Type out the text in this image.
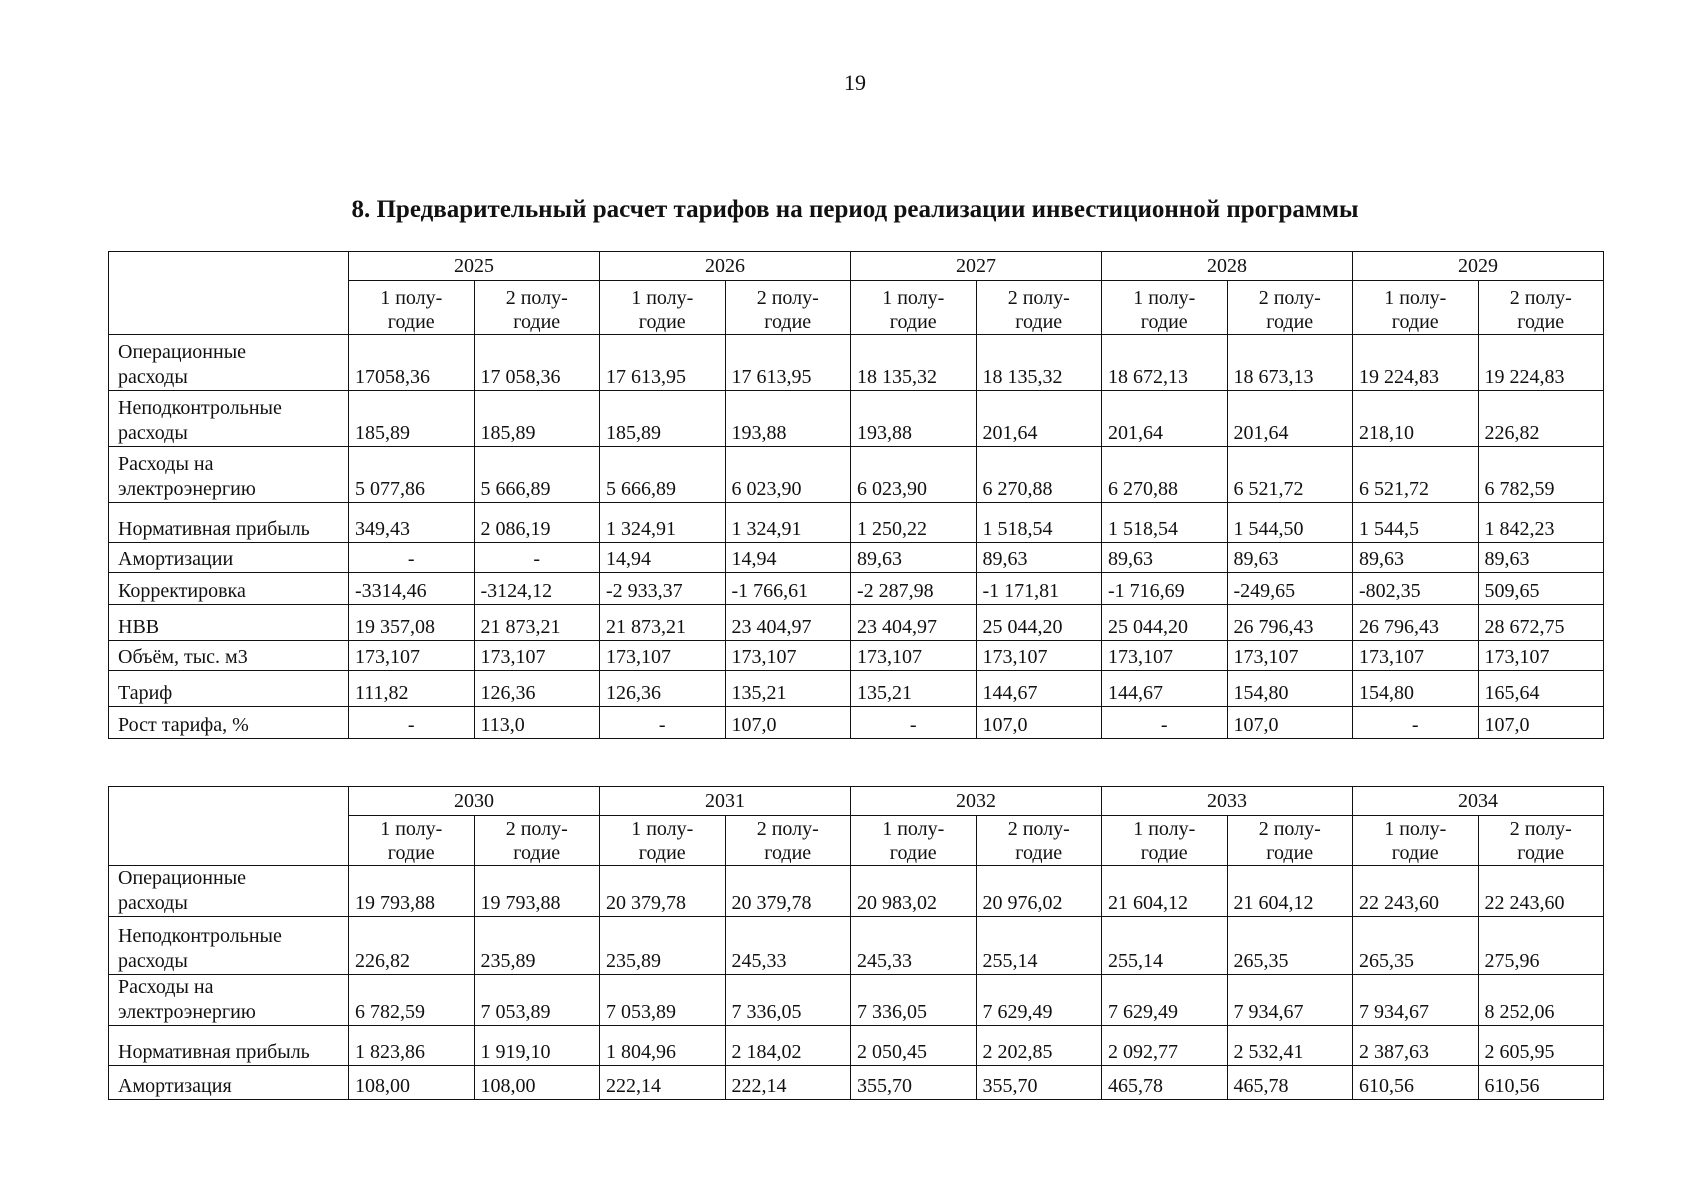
19
8. Предварительный расчет тарифов на период реализации инвестиционной программы
	2025		2026		2027		2028		2029	
	1 полу-
годие	2 полу-
годие	1 полу-
годие	2 полу-
годие	1 полу-
годие	2 полу-
годие	1 полу-
годие	2 полу-
годие	1 полу-
годие	2 полу-
годие
Операционные
расходы	17058,36	17 058,36	17 613,95	17 613,95	18 135,32	18 135,32	18 672,13	18 673,13	19 224,83	19 224,83
Неподконтрольные
расходы	185,89	185,89	185,89	193,88	193,88	201,64	201,64	201,64	218,10	226,82
Расходы на
электроэнергию	5 077,86	5 666,89	5 666,89	6 023,90	6 023,90	6 270,88	6 270,88	6 521,72	6 521,72	6 782,59
Нормативная прибыль	349,43	2 086,19	1 324,91	1 324,91	1 250,22	1 518,54	1 518,54	1 544,50	1 544,5	1 842,23
Амортизации	-	-	14,94	14,94	89,63	89,63	89,63	89,63	89,63	89,63
Корректировка	-3314,46	-3124,12	-2 933,37	-1 766,61	-2 287,98	-1 171,81	-1 716,69	-249,65	-802,35	509,65
НВВ	19 357,08	21 873,21	21 873,21	23 404,97	23 404,97	25 044,20	25 044,20	26 796,43	26 796,43	28 672,75
Объём, тыс. м3	173,107	173,107	173,107	173,107	173,107	173,107	173,107	173,107	173,107	173,107
Тариф	111,82	126,36	126,36	135,21	135,21	144,67	144,67	154,80	154,80	165,64
Рост тарифа, %	-	113,0	-	107,0	-	107,0	-	107,0	-	107,0
	2030		2031		2032		2033		2034	
	1 полу-
годие	2 полу-
годие	1 полу-
годие	2 полу-
годие	1 полу-
годие	2 полу-
годие	1 полу-
годие	2 полу-
годие	1 полу-
годие	2 полу-
годие
Операционные
расходы	19 793,88	19 793,88	20 379,78	20 379,78	20 983,02	20 976,02	21 604,12	21 604,12	22 243,60	22 243,60
Неподконтрольные
расходы	226,82	235,89	235,89	245,33	245,33	255,14	255,14	265,35	265,35	275,96
Расходы на
электроэнергию	6 782,59	7 053,89	7 053,89	7 336,05	7 336,05	7 629,49	7 629,49	7 934,67	7 934,67	8 252,06
Нормативная прибыль	1 823,86	1 919,10	1 804,96	2 184,02	2 050,45	2 202,85	2 092,77	2 532,41	2 387,63	2 605,95
Амортизация	108,00	108,00	222,14	222,14	355,70	355,70	465,78	465,78	610,56	610,56
